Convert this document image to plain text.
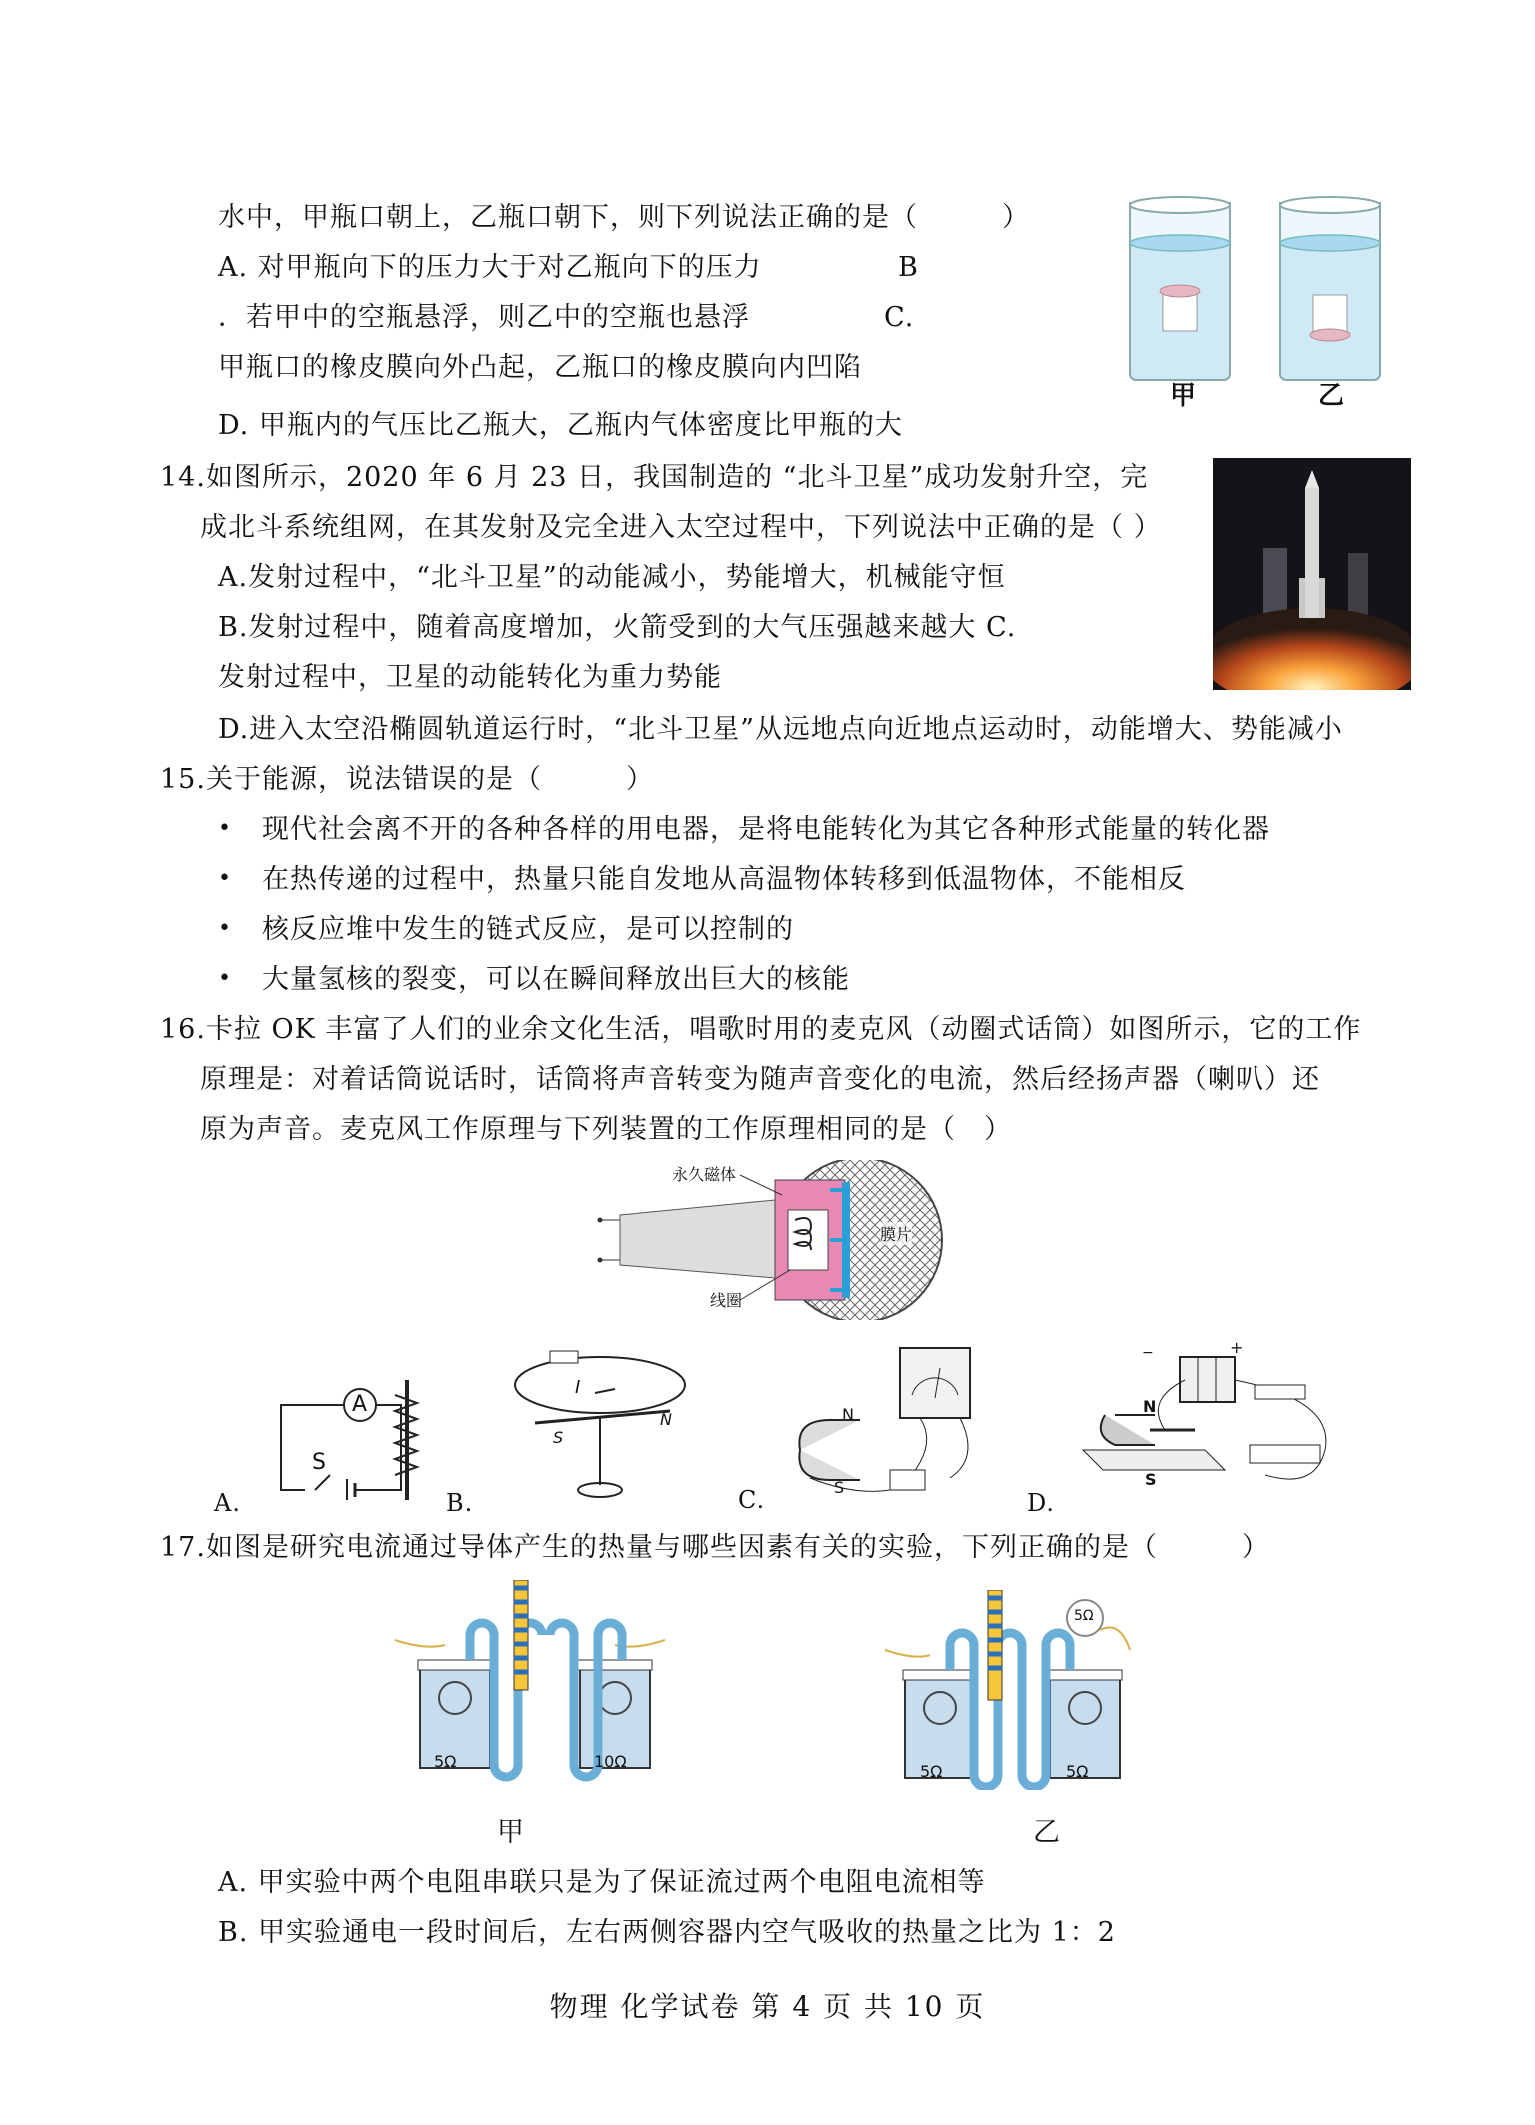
水中，甲瓶口朝上，乙瓶口朝下，则下列说法正确的是（　　　）
A. 对甲瓶向下的压力大于对乙瓶向下的压力	B
．若甲中的空瓶悬浮，则乙中的空瓶也悬浮	C.
甲瓶口的橡皮膜向外凸起，乙瓶口的橡皮膜向内凹陷
D. 甲瓶内的气压比乙瓶大，乙瓶内气体密度比甲瓶的大
甲	乙
14.如图所示，2020 年 6 月 23 日，我国制造的 “北斗卫星”成功发射升空，完
成北斗系统组网，在其发射及完全进入太空过程中，下列说法中正确的是（ ）
A.发射过程中，“北斗卫星”的动能减小，势能增大，机械能守恒
B.发射过程中，随着高度增加，火箭受到的大气压强越来越大 C.
发射过程中，卫星的动能转化为重力势能
D.进入太空沿椭圆轨道运行时，“北斗卫星”从远地点向近地点运动时，动能增大、势能减小
15.关于能源，说法错误的是（　　　）
• 现代社会离不开的各种各样的用电器，是将电能转化为其它各种形式能量的转化器
• 在热传递的过程中，热量只能自发地从高温物体转移到低温物体，不能相反
• 核反应堆中发生的链式反应，是可以控制的
• 大量氢核的裂变，可以在瞬间释放出巨大的核能
16.卡拉 OK 丰富了人们的业余文化生活，唱歌时用的麦克风（动圈式话筒）如图所示，它的工作
原理是：对着话筒说话时，话筒将声音转变为随声音变化的电流，然后经扬声器（喇叭）还
原为声音。麦克风工作原理与下列装置的工作原理相同的是（　）
永久磁体
膜片
线圈
A
S
I
S
N	N
S
−	+
N
S
A.	B.	C.	D.
17.如图是研究电流通过导体产生的热量与哪些因素有关的实验，下列正确的是（　　　）
5Ω	10Ω
甲
5Ω
5Ω	5Ω
乙
A. 甲实验中两个电阻串联只是为了保证流过两个电阻电流相等
B. 甲实验通电一段时间后，左右两侧容器内空气吸收的热量之比为 1：2
物理 化学试卷 第 4 页 共 10 页
